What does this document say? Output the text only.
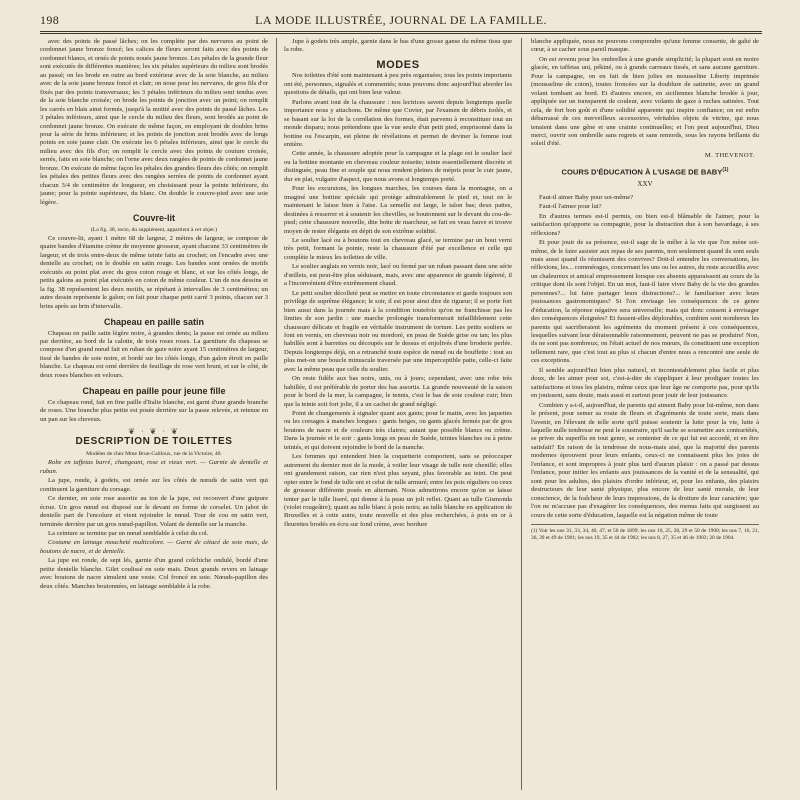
198	LA MODE ILLUSTRÉE, JOURNAL DE LA FAMILLE.

avec des points de passé lâches; on les complète par des nervures au point de cordonnet jaune bronze foncé; les calices de fleurs seront faits avec des points de cordonnet blancs, et ornés de points noués jaune bronze. Les pétales de la grande fleur sont exécutés de différentes manières; les six pétales supérieurs du milieu sont brodés au passé; on les brode en outre au bord extérieur avec de la soie blanche, au milieu avec de la soie jaune bronze foncé et clair; on noue pour les nervures, de gros fils d'or fixés par des points transversaux; les 3 pétales inférieurs du milieu sont tendus avec de la soie blanche croisée; on brode les points de jonction avec un point; on remplit les carrés en blais ainsi formés, jusqu'à la moitié avec des points de passé lâches. Les 3 pétales inférieurs, ainsi que le cercle du milieu des fleurs, sont brodés au point de cordonnet jaune bronze. On exécute de même façon, en employant de doubles brins pour la série de brins inférieure; et les points de jonction sont brodés avec de longs points en soie jaune clair. On exécute les 6 pétales inférieurs, ainsi que le cercle du milieu avec des fils d'or; on remplit le cercle avec des points de couture croisée, serrés, faits en soie blanche; on l'orne avec deux rangées de points de cordonnet jaune bronze. On exécute de même façon les pétales des grandes fleurs des côtés; on remplit les pétales des petites fleurs avec des rangées serrées de points de cordonnet ayant chacun 3/4 de centimètre de longueur, en choisissant pour la pointe inférieure, du jaune; pour la pointe supérieure, du blanc. On double le couvre-pied avec une soie légère.

Couvre-lit

(La fig. 38, recto, du supplément, appartient à cet objet.)

Ce couvre-lit, ayant 1 mètre 68 de largeur, 2 mètres de largeur, se compose de quatre bandes d'étamine crème de moyenne grosseur, ayant chacune 33 centimètres de largeur, et de trois entre-deux de même teinte faits au crochet; on l'encadre avec une dentelle au crochet; on le double en satin rouge. Les bandes sont ornées de motifs exécutés au point plat avec du gros coton rouge et blanc, et sur les côtés longs, de petits galons au point plat exécutés en coton de même couleur. L'un de nos dessins et la fig. 38 représentent les deux motifs, se répétant à intervalles de 3 centimètres; un autre dessin représente le galon; on fait pour chaque petit carré 3 points, chacun sur 3 brins après un brin d'intervalle.

Chapeau en paille satin

Chapeau en paille satin légère noire, à grandes dents; la passe est ornée au milieu par derrière, au bord de la calotte, de trois roses roses. La garniture du chapeau se compose d'un grand nœud fait en ruban de gaze noire ayant 15 centimètres de largeur, tissé de bandes de soie noire, et bordé sur les côtés longs, d'un galon étroit en paille blanche. Le chapeau est orné derrière de feuillage de rose vert bruni, et sur le côté, de deux roses blanches en velours.

Chapeau en paille pour jeune fille

Ce chapeau rond, fait en fine paille d'Italie blanche, est garni d'une grande branche de roses. Une branche plus petite est posée derrière sur la passe relevée, et retenue en un pan sur les cheveux.

❦ · ❦ · ❦
DESCRIPTION DE TOILETTES

Modèles de chez Mme Brun-Cailloux, rue de la Victoire, 40.

Robe en taffetas barré, changeant, rose et vieux vert. — Garnie de dentelle et ruban.

La jupe, ronde, à godets, est ornée sur les côtés de nœuds de satin vert qui continuent la garniture du corsage.

Ce dernier, en soie rose assortie au ton de la jupe, est recouvert d'une guipure écrue. Un gros nœud est disposé sur le devant en forme de corselet. Un jabot de dentelle part de l'encolure et vient rejoindre le nœud. Tour de cou en satin vert, terminée derrière par un gros nœud-papillon. Volant de dentelle sur la manche.

La ceinture se termine par un nœud semblable à celui du col.

Costume en lainage moucheté multicolore. — Garni de cétacé de soie mais, de boutons de nacre, et de dentelle.

La jupe est ronde, de sept lés, garnie d'un grand colchiche ondulé, bordé d'une petite dentelle blanche. Gilet coulissé en soie mais. Deux grands revers en lainage avec boutons de nacre simulent une veste. Col froncé en soie. Nœuds-papillon des deux côtés. Manches boutonnées, en lainage semblable à la robe.

Jupe à godets très ample, garnie dans le bas d'une grosse ganse du même tissu que la robe.

MODES

Nos toilettes d'été sont maintenant à peu près organisées; tous les points importants ont été, personnes, signalés et commentés; nous pouvons donc aujourd'hui aborder les questions de détails, qui ont bien leur valeur.

Parlons avant tout de la chaussure : nos lectrices savent depuis longtemps quelle importance nous y attachons. De même que Cuvier, par l'examen de débris isolés, et se basant sur la loi de la corrélation des formes, était parvenu à reconstituer tout un monde disparu; nous prétendons que la vue seule d'un petit pied, emprisonné dans la bottine ou l'escarpin, est pleine de révélations et permet de deviner la femme tout entière.

Cette année, la chaussure adoptée pour la campagne et la plage est le soulier lacé ou la bottine montante en chevreau couleur noisette; teinte essentiellement discrète et distinguée, peau fine et souple qui nous rendent pleines de mépris pour le cuir jaune, dur en plat, vulgaire d'aspect, que nous avons si longtemps porté.

Pour les excursions, les longues marches, les courses dans la montagne, on a imaginé une bottine spéciale qui protège admirablement le pied et, tout en le maintenant le laisse bien à l'aise. La semelle est large, le talon bas; deux pattes, destinées à resserrer et à soutenir les chevilles, se boutonnent sur le devant du cou-de-pied; cette chaussure nouvelle, dite botte de marcheur, se fait en veau fauve et trouve moyen de rester élégante en dépit de son extrême solidité.

Le soulier lacé ou à boutons tout en chevreau glacé, se termine par un bout verni très petit, formant la pointe, reste la chaussure d'été par excellence et celle qui complète le mieux les toilettes de ville.

Le soulier anglais en vernis noir, lacé ou fermé par un ruban passant dans une série d'œillets, est peut-être plus séduisant, mais, avec une apparence de grande légèreté, il a l'inconvénient d'être extrêmement chaud.

Le petit soulier décolleté peut se mettre en toute circonstance et garde toujours son privilège de suprême élégance; le soir, il est pour ainsi dire de rigueur; il se porte fort bien aussi dans la journée mais à la condition toutefois qu'on ne franchisse pas les limites de son jardin : une marche prolongée transformerait infailliblement cette chaussure délicate et fragile en véritable instrument de torture. Les petits souliers se font en vernis, en chevreau noir ou mordoré, en peau de Suède grise ou tan; les plus habillés sont à barrettes ou découpés sur le dessus et enjolivés d'une broderie perlée. Depuis longtemps déjà, on a retranché toute espèce de nœud ou de bouffette : tout au plus met-on une boucle minuscule traversée par une imperceptible patte, celle-ci faite avec la même peau que celle du soulier.

On reste fidèle aux bas noirs, unis, ou à jours; cependant, avec une robe très habillée, il est préférable de porter des bas assortis. La grande nouveauté de la saison pour le bord de la mer, la campagne, le tennis, c'est le bas de soie couleur cuir; bien que la teinte soit fort jolie, il a un cachet de grand négligé.

Point de changements à signaler quant aux gants; pour le matin, avec les jaquettes ou les corsages à manches longues : gants beiges, ou gants glacés fermés par de gros boutons de nacre et de couleurs très claires; autant que possible blancs ou crème. Dans la journée et le soir : gants longs en peau de Suède, teintes blanches ou à peine teintés, et qui doivent rejoindre le bord de la manche.

Les femmes qui entendent bien la coquetterie comportent, sans se préoccuper autrement du dernier mot de la mode, à voiler leur visage de tulle noir chenillé; elles ont grandement raison, car rien n'est plus seyant, plus favorable au teint. On peut opter entre le fond de tulle uni et celui de tulle armuré; entre les pois réguliers ou ceux de grosseur différente posés en alternant. Nous admettrons encore qu'on se laisse tenter par le tulle liseré, qui donne à la peau un joli reflet. Quant au tulle Gismonda (violet rougeâtre); quant au tulle blanc à pois noirs; au tulle blanche en application de Bruxelles et à cette autre, toute nouvelle et des plus recherchées, à pois en or à fleurettes brodés en écru sur fond crème, avec bordure

blanche appliquée, nous ne pouvons comprendre qu'une femme consente, de gaîté de cœur, à se cacher sous pareil masque.

On est revenu pour les ombrelles à une grande simplicité; la plupart sont en moire glacée, en taffetas uni, pékiné, ou à grands carreaux tissés, et sans aucune garniture. Pour la campagne, on en fait de bien jolies en mousseline Liberty imprimée (mousseline de coton), toutes froncées sur la doublure de satinette, avec un grand volant tombant au bord. Et d'autres encore, en siciliennes blanche brodée à jour, appliquée sur un transparent de couleur, avec volants de gaze à ruches satinées. Tout cela, de fort bon goût et d'une solidité apparente qui inspire confiance; on est enfin débarrassé de ces merveilleux accessoires, véritables objets de vitrine, qui nous tenaient dans une gêne et une crainte continuelles; et l'on peut aujourd'hui, Dieu merci, ouvrir son ombrelle sans regrets et sans remords, sous les rayons brillants du soleil d'été.

M. THEVENOT.
COURS D'ÉDUCATION À L'USAGE DE BABY$^{(1)}$
XXV

Faut-il aimer Baby pour soi-même?

Faut-il l'aimer pour lui?

En d'autres termes est-il permis, ou bien est-il blâmable de l'aimer, pour la satisfaction qu'apporte sa compagnie, pour la distraction due à son bavardage, à ses réflexions?

Et pour jouir de sa présence, est-il sage de le mêler à la vie que l'on mène soi-même, de le faire assister aux repas de ses parents, non seulement quand ils sont seuls mais aussi quand ils réunissent des convives? Doit-il entendre les conversations, les réflexions, les... commérages, concernant les uns ou les autres, du reste accueillis avec un chaleureux et amical empressement lorsque ces absents apparaissent au cours de la critique dont ils sont l'objet. En un mot, faut-il faire vivre Baby de la vie des grandes personnes?... lui faire partager leurs distractions?... le familiariser avec leurs jouissances gastronomiques? Si l'on envisage les conséquences de ce genre d'éducation, la réponse négative sera universelle; mais qui donc consent à envisager des conséquences éloignées? Et fussent-elles déplorables, combien sont nombreux les parents qui sacrifieraient les agréments du moment présent à ces conséquences, lesquelles suivant leur déraisonnable raisonnement, peuvent ne pas se produire! Non, ils ne sont pas nombreux; on l'était actuel de nos mœurs, ils constituent une exception tellement rare, que c'est tout au plus si chacun d'entre nous a rencontré une seule de ces exceptions.

Il semble aujourd'hui bien plus naturel, et incontestablement plus facile et plus doux, de les aimer pour soi, c'est-à-dire de s'appliquer à leur prodiguer toutes les satisfactions et tous les plaisirs, même ceux que leur âge ne comporte pas, pour qu'ils en jouissent, sans doute, mais aussi et surtout pour jouir de leur jouissance.

Combien y a-t-il, aujourd'hui, de parents qui aiment Baby pour lui-même, non dans le présent, pour semer sa route de fleurs et d'agréments de toute sorte, mais dans l'avenir, en l'élevant de telle sorte qu'il puisse soutenir la lutte pour la vie, lutte à laquelle nulle tendresse ne peut le soustraire, qu'il sache se soumettre aux contrariétés, se priver du superflu en tout genre, se contenter de ce qui lui est accordé, et en être satisfait? En raison de la tendresse de nous-mais aisé, que la majorité des parents modernes éprouvent pour leurs enfants, ceux-ci ne connaissent plus les joies de l'enfance, et sont impropres à jouir plus tard d'aucun plaisir : on a passé par dessus l'enfance, pour initier les enfants aux jouissances de la vanité et de la sensualité, qui sont pour les adultes, des plaisirs d'ordre inférieur, et, pour les enfants, des plaisirs destructeurs de leur santé physique, plus encore de leur santé morale, de leur conscience, de la fraîcheur de leurs impressions, de la droiture de leur caractère; que l'on ne m'accuse pas d'exagérer les conséquences, des menus faits qui surgissent au cours de cette sorte d'éducation, laquelle est la négation même de toute

(1) Voir les nos 31, 33, 34, 40, 47, et 50 de 1899; les nos 10, 25, 28, 29 et 50 de 1900; les nos 7, 16, 21, 36, 39 et 49 de 1901; les nos 19, 35 et 44 de 1902; les nos 8, 27, 35 et 46 de 1903; 20 de 1904.
